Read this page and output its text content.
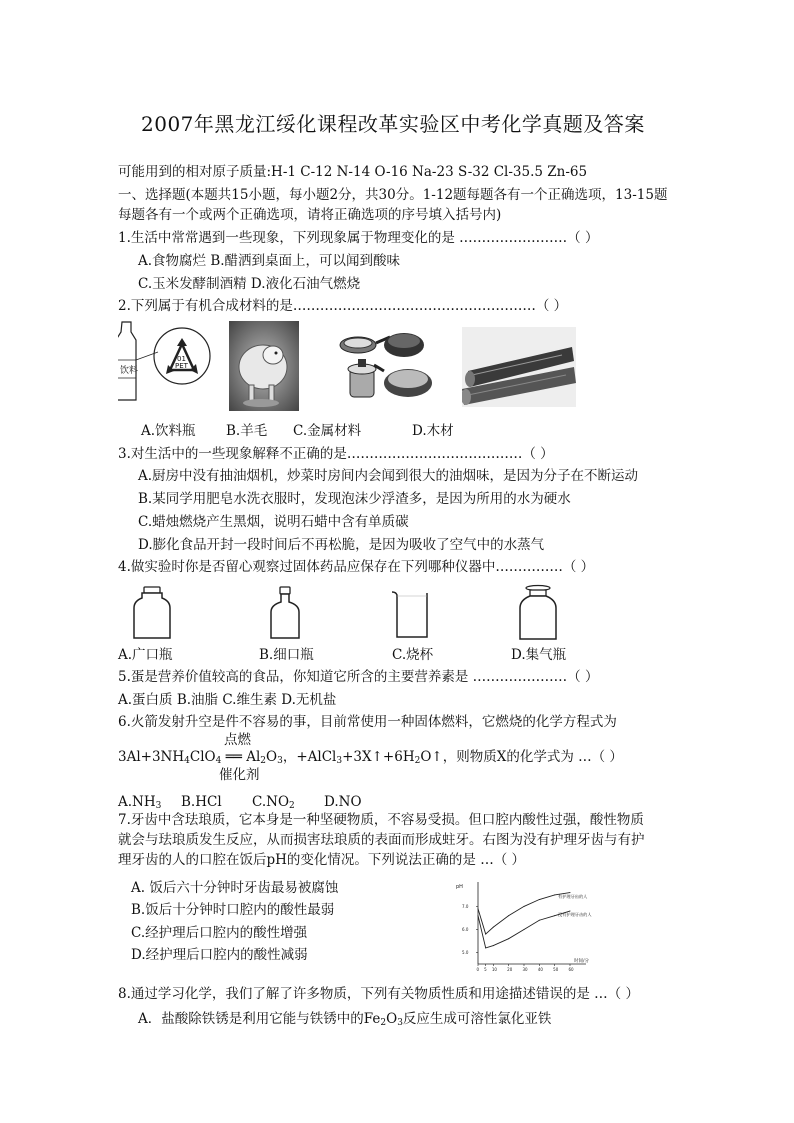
2007年黑龙江绥化课程改革实验区中考化学真题及答案
可能用到的相对原子质量:H-1 C-12 N-14 O-16 Na-23 S-32 Cl-35.5 Zn-65
一、选择题(本题共15小题，每小题2分，共30分。1-12题每题各有一个正确选项，13-15题
每题各有一个或两个正确选项，请将正确选项的序号填入括号内)
1.生活中常常遇到一些现象，下列现象属于物理变化的是 ……………………（ ）
A.食物腐烂 B.醋洒到桌面上，可以闻到酸味
C.玉米发酵制酒精 D.液化石油气燃烧
2.下列属于有机合成材料的是………………………………………………（ ）
饮料
01
PET
A.饮料瓶 B.羊毛 C.金属材料	D.木材
3.对生活中的一些现象解释不正确的是…………………………………（ ）
A.厨房中没有抽油烟机，炒菜时房间内会闻到很大的油烟味，是因为分子在不断运动
B.某同学用肥皂水洗衣服时，发现泡沫少浮渣多，是因为所用的水为硬水
C.蜡烛燃烧产生黑烟，说明石蜡中含有单质碳
D.膨化食品开封一段时间后不再松脆，是因为吸收了空气中的水蒸气
4.做实验时你是否留心观察过固体药品应保存在下列哪种仪器中……………（ ）
A.广口瓶	B.细口瓶	C.烧杯	D.集气瓶
5.蛋是营养价值较高的食品，你知道它所含的主要营养素是 …………………（ ）
A.蛋白质 B.油脂 C.维生素 D.无机盐
6.火箭发射升空是件不容易的事，目前常使用一种固体燃料，它燃烧的化学方程式为
点燃
$3Al+3NH_4ClO_4$ ══ $Al_2O_3$，$+AlCl_3+3X↑+6H_2O↑$，则物质X的化学式为 …（ ）
催化剂
$A.NH_3$ B.HCl $C.NO_2$ D.NO
7.牙齿中含珐琅质，它本身是一种坚硬物质，不容易受损。但口腔内酸性过强，酸性物质
就会与珐琅质发生反应，从而损害珐琅质的表面而形成蛀牙。右图为没有护理牙齿与有护
理牙齿的人的口腔在饭后pH的变化情况。下列说法正确的是 …（ ）
A. 饭后六十分钟时牙齿最易被腐蚀
B.饭后十分钟时口腔内的酸性最弱
C.经护理后口腔内的酸性增强
D.经护理后口腔内的酸性减弱
pH
时间/分
7.0
6.0
5.0
0 5 10	20	30	40	50	60
有护理牙齿的人
没有护理牙齿的人
8.通过学习化学，我们了解了许多物质，下列有关物质性质和用途描述错误的是 …（ ）
A．盐酸除铁锈是利用它能与铁锈中的$Fe_2O_3$反应生成可溶性氯化亚铁
